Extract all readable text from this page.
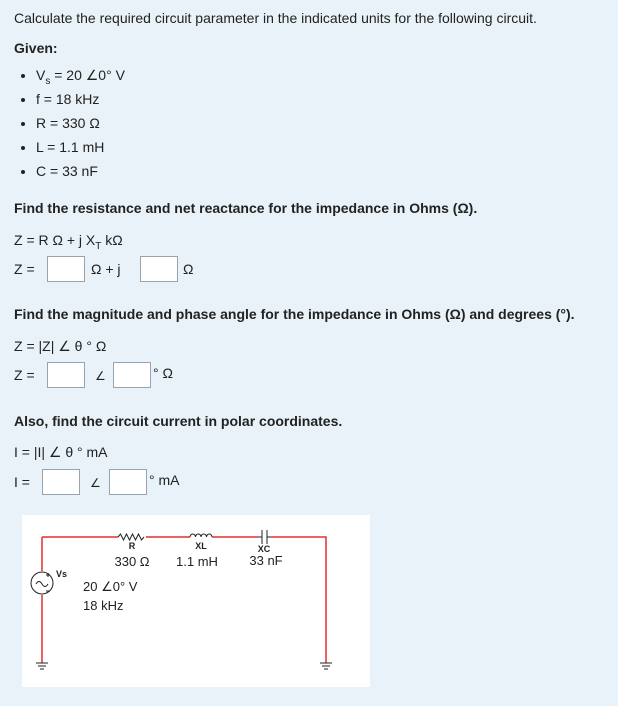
Calculate the required circuit parameter in the indicated units for the following circuit.
Given:
• $V_s = 20$ ∠0° V
• f = 18 kHz
• R = 330 Ω
• L = 1.1 mH
• C = 33 nF
Find the resistance and net reactance for the impedance in Ohms (Ω).
Z = R Ω + j $X_T$ kΩ
Z =	Ω + j	Ω
Find the magnitude and phase angle for the impedance in Ohms (Ω) and degrees (°).
Z = |Z| ∠ θ ° Ω
Z =	∠	° Ω
Also, find the circuit current in polar coordinates.
I = |I| ∠ θ ° mA
I =	∠	° mA
R
330 Ω
XL
1.1 mH
XC
33 nF
Vs
20 ∠0° V
18 kHz
